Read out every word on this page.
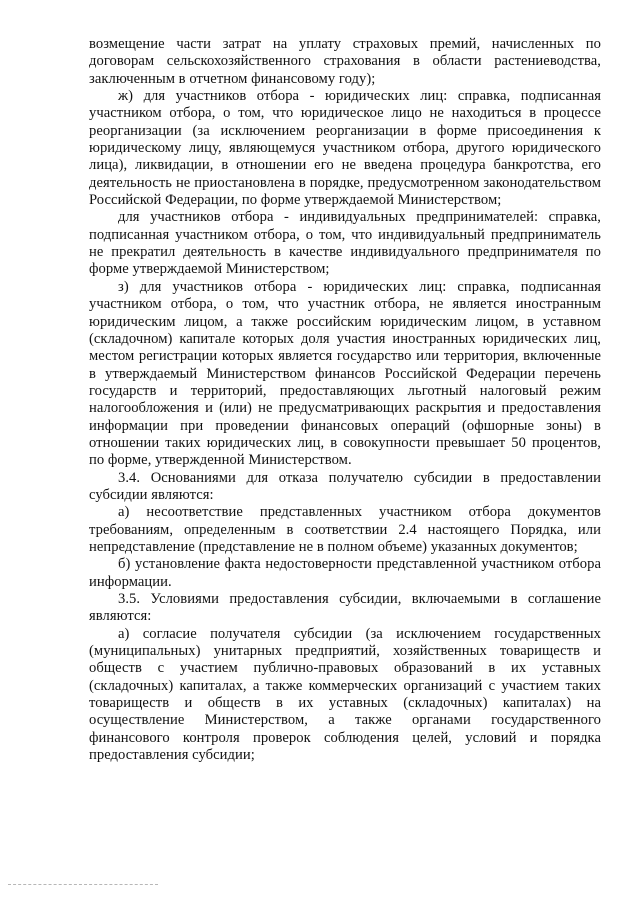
возмещение части затрат на уплату страховых премий, начисленных по договорам сельскохозяйственного страхования в области растениеводства, заключенным в отчетном финансовому году);

ж) для участников отбора - юридических лиц: справка, подписанная участником отбора, о том, что юридическое лицо не находиться в процессе реорганизации (за исключением реорганизации в форме присоединения к юридическому лицу, являющемуся участником отбора, другого юридического лица), ликвидации, в отношении его не введена процедура банкротства, его деятельность не приостановлена в порядке, предусмотренном законодательством Российской Федерации, по форме утверждаемой Министерством;

для участников отбора - индивидуальных предпринимателей: справка, подписанная участником отбора, о том, что индивидуальный предприниматель не прекратил деятельность в качестве индивидуального предпринимателя по форме утверждаемой Министерством;

з) для участников отбора - юридических лиц: справка, подписанная участником отбора, о том, что участник отбора, не является иностранным юридическим лицом, а также российским юридическим лицом, в уставном (складочном) капитале которых доля участия иностранных юридических лиц, местом регистрации которых является государство или территория, включенные в утверждаемый Министерством финансов Российской Федерации перечень государств и территорий, предоставляющих льготный налоговый режим налогообложения и (или) не предусматривающих раскрытия и предоставления информации при проведении финансовых операций (офшорные зоны) в отношении таких юридических лиц, в совокупности превышает 50 процентов, по форме, утвержденной Министерством.

3.4. Основаниями для отказа получателю субсидии в предоставлении субсидии являются:

а) несоответствие представленных участником отбора документов требованиям, определенным в соответствии 2.4 настоящего Порядка, или непредставление (представление не в полном объеме) указанных документов;

б) установление факта недостоверности представленной участником отбора информации.

3.5. Условиями предоставления субсидии, включаемыми в соглашение являются:

а) согласие получателя субсидии (за исключением государственных (муниципальных) унитарных предприятий, хозяйственных товариществ и обществ с участием публично-правовых образований в их уставных (складочных) капиталах, а также коммерческих организаций с участием таких товариществ и обществ в их уставных (складочных) капиталах) на осуществление Министерством, а также органами государственного финансового контроля проверок соблюдения целей, условий и порядка предоставления субсидии;
